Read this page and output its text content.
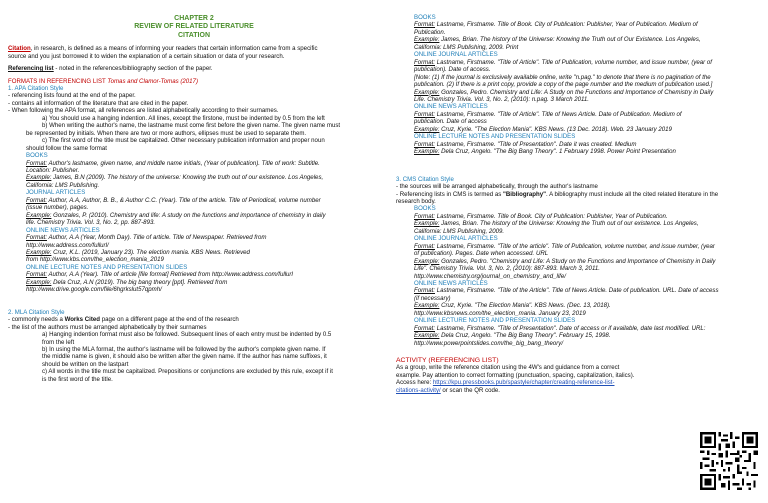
CHAPTER 2
REVIEW OF RELATED LITERATURE
CITATION
Citation, in research, is defined as a means of informing your readers that certain information came from a specific
source and you just borrowed it to widen the explanation of a certain situation or data of your research.
Referencing list - noted in the references/bibliography section of the paper.
FORMATS IN REFERENCING LIST Tomas and Clamor-Tomas (2017)
1. APA Citation Style
- referencing lists found at the end of the paper.
- contains all information of the literature that are cited in the paper.
- When following the APA format, all references are listed alphabetically according to their surnames.
a) You should use a hanging indention. All lines, except the firstone, must be indented by 0.5 from the left
b) When writing the author's name, the lastname must come first before the given name. The given name must
be represented by initials. When there are two or more authors, ellipses must be used to separate them.
c) The first word of the title must be capitalized. Other necessary publication information and proper noun
should follow the same format
BOOKS
Format: Author's lastname, given name, and middle name initials, (Year of publication). Title of work: Subtitle.
Location: Publisher.
Example: James, B.N (2009). The history of the universe: Knowing the truth out of our existence. Los Angeles,
California: LMS Publishing.
JOURNAL ARTICLES
Format: Author, A.A, Author, B. B., & Author C.C. (Year). Title of the article. Title of Periodical, volume number
(issue number), pages.
Example: Gonzales, P. (2010). Chemistry and life: A study on the functions and importance of chemistry in daily
life. Chemistry Trivia. Vol. 3, No. 2, pp. 887-893.
ONLINE NEWS ARTICLES
Format: Author, A.A (Year, Month Day). Title of article. Title of Newspaper. Retrieved from
http://www.address.com/fullurl/
Example: Cruz, K.L. (2019, January 23). The election mania. KBS News. Retrieved
from http://www.kbs.com/the_election_mania_2019
ONLINE LECTURE NOTES AND PRESENTATION SLIDES
Format: Author, A.A (Year). Title of article [file format] Retrieved from http://www.address.com/fullurl
Example: Dela Cruz, A.N (2019). The big bang theory [ppt]. Retrieved from
http://www.drive.google.com/file/6hgrkslut57qpmh/
2. MLA Citation Style
- commonly needs a Works Cited page on a different page at the end of the research
- the list of the authors must be arranged alphabetically by their surnames
a) Hanging indention format must also be followed. Subsequent lines of each entry must be indented by 0.5
from the left
b) In using the MLA format, the author's lastname will be followed by the author's complete given name. If
the middle name is given, it should also be written after the given name. If the author has name suffixes, it
should be written on the lastpart
c) All words in the title must be capitalized. Prepositions or conjunctions are excluded by this rule, except if it
is the first word of the title.
BOOKS
Format: Lastname, Firstname. Title of Book. City of Publication: Publisher, Year of Publication. Medium of
Publication.
Example: James, Brian. The history of the Universe: Knowing the Truth out of Our Existence. Los Angeles,
California: LMS Publishing, 2009. Print
ONLINE JOURNAL ARTICLES
Format: Lastname, Firstname. "Title of Article". Title of Publication, volume number, and issue number, (year of
publication). Date of access.
[Note: (1) If the journal is exclusively available online, write "n.pag." to denote that there is no pagination of the
publication. (2) If there is a print copy, provide a copy of the page number and the medium of publication used.]
Example: Gonzales, Pedro. Chemistry and Life: A Study on the Functions and Importance of Chemistry in Daily
Life. Chemistry Trivia. Vol. 3, No. 2, (2010): n.pag. 3 March 2011.
ONLINE NEWS ARTICLES
Format: Lastname, Firstname. "Title of Article". Title of News Article. Date of Publication. Medium of
publication. Date of access
Example: Cruz, Kyrie. "The Election Mania". KBS News. (13 Dec. 2018). Web. 23 January 2019
ONLINE LECTURE NOTES AND PRESENTATION SLIDES
Format: Lastname, Firstname. "Title of Presentation". Date it was created. Medium
Example: Dela Cruz, Angelo. "The Big Bang Theory". 1 February 1998. Power Point Presentation
3. CMS Citation Style
- the sources will be arranged alphabetically, through the author's lastname
- Referencing lists in CMS is termed as "Bibliography". A bibliography must include all the cited related literature in the
research body.
BOOKS
Format: Lastname, Firstname. Title of Book. City of Publication: Publisher, Year of Publication.
Example: James, Brian. The history of the Universe: Knowing the Truth out of our existence. Los Angeles,
California: LMS Publishing, 2009.
ONLINE JOURNAL ARTICLES
Format: Lastname, Firstname. "Title of the article". Title of Publication, volume number, and issue number, (year
of publication). Pages. Date when accessed. URL
Example: Gonzales, Pedro. "Chemistry and Life: A Study on the Functions and Importance of Chemistry in Daily
Life". Chemistry Trivia. Vol. 3, No. 2, (2010): 887-893. March 3, 2011.
http://www.chemistry.org/journal_on_chemistry_and_life/
ONLINE NEWS ARTICLES
Format: Lastname, Firstname. "Title of the Article". Title of News Article. Date of publication. URL. Date of access
(if necessary)
Example: Cruz, Kyrie. "The Election Mania". KBS News. (Dec. 13, 2018).
http://www.kbsnews.com/the_election_mania. January 23, 2019
ONLINE LECTURE NOTES AND PRESENTATION SLIDES
Format: Lastname, Firstname. "Title of Presentation". Date of access or if available, date last modified. URL:
Example: Dela Cruz, Angelo. "The Big Bang Theory". February 15, 1998.
http://www.powerpointslides.com/the_big_bang_theory/
ACTIVITY (REFERENCING LIST)
As a group, write the reference citation using the 4W's and guidance from a correct
example. Pay attention to correct formatting (punctuation, spacing, capitalization, italics).
Access here: https://kpu.pressbooks.pub/spastyle/chapter/creating-reference-list-
citations-activity/ or scan the QR code.
